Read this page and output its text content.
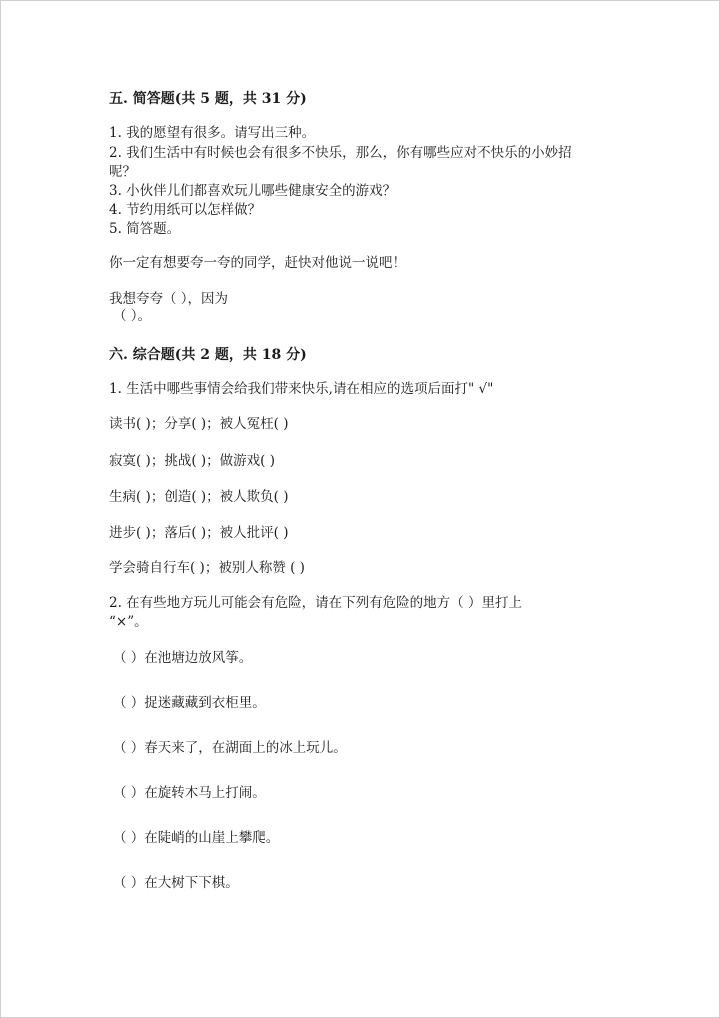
五. 简答题(共 5 题，共 31 分)
1. 我的愿望有很多。请写出三种。
2. 我们生活中有时候也会有很多不快乐，那么，你有哪些应对不快乐的小妙招
呢？
3. 小伙伴儿们都喜欢玩儿哪些健康安全的游戏？
4. 节约用纸可以怎样做？
5. 简答题。
你一定有想要夸一夸的同学，赶快对他说一说吧！
我想夸夸（ ），因为
（ ）。
六. 综合题(共 2 题，共 18 分)
1. 生活中哪些事情会给我们带来快乐,请在相应的选项后面打" √"
读书( )；分享( )；被人冤枉( )
寂寞( )；挑战( )；做游戏( )
生病( )；创造( )；被人欺负( )
进步( )；落后( )；被人批评( )
学会骑自行车( )；被别人称赞 ( )
2. 在有些地方玩儿可能会有危险，请在下列有危险的地方（ ）里打上
“×”。
（ ）在池塘边放风筝。
（ ）捉迷藏藏到衣柜里。
（ ）春天来了，在湖面上的冰上玩儿。
（ ）在旋转木马上打闹。
（ ）在陡峭的山崖上攀爬。
（ ）在大树下下棋。
